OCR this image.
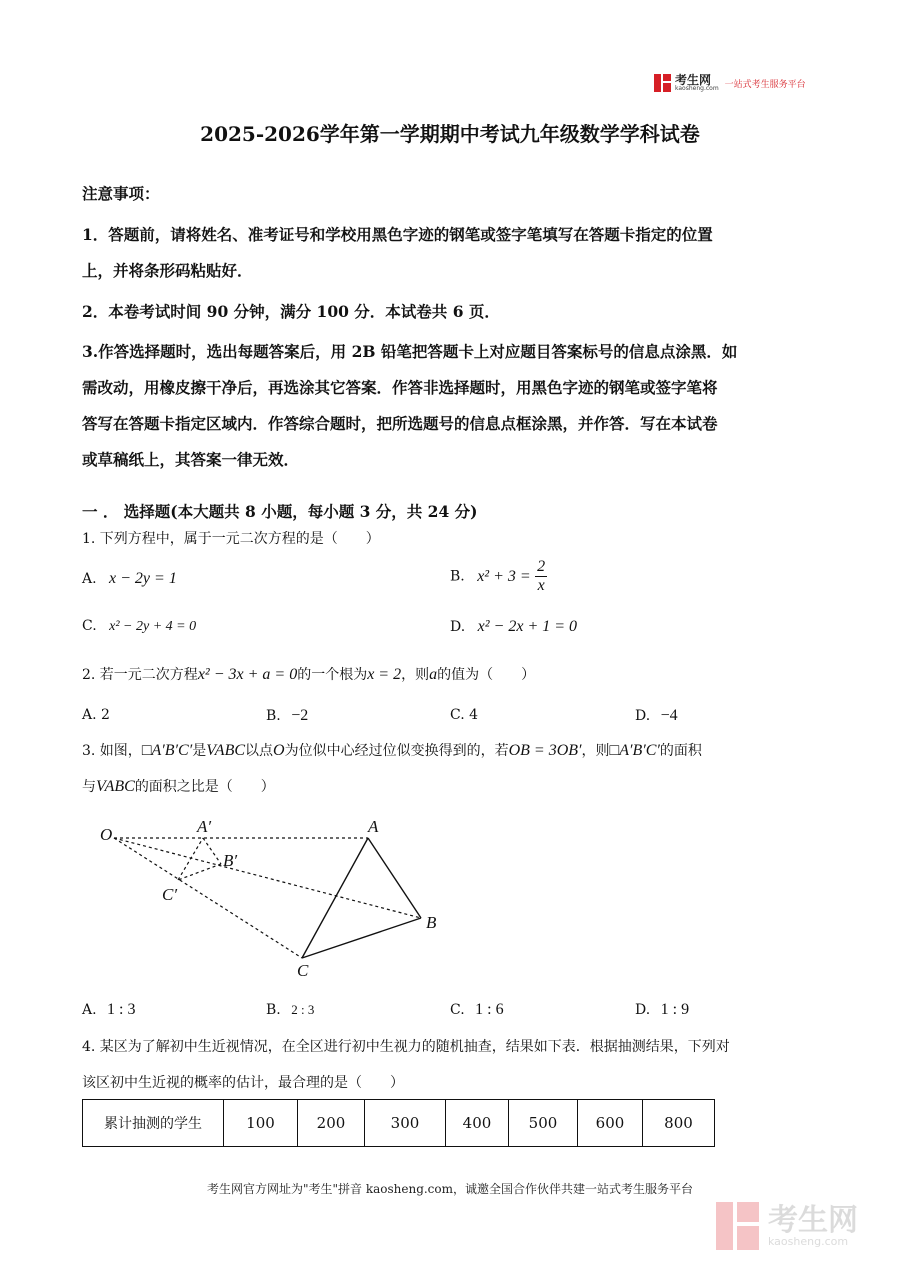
考生网
kaosheng.com 一站式考生服务平台
2025-2026学年第一学期期中考试九年级数学学科试卷
注意事项：
1．答题前，请将姓名、准考证号和学校用黑色字迹的钢笔或签字笔填写在答题卡指定的位置
上，并将条形码粘贴好．
2．本卷考试时间 90 分钟，满分 100 分．本试卷共 6 页．
3.作答选择题时，选出每题答案后，用 2B 铅笔把答题卡上对应题目答案标号的信息点涂黑．如
需改动，用橡皮擦干净后，再选涂其它答案．作答非选择题时，用黑色字迹的钢笔或签字笔将
答写在答题卡指定区域内．作答综合题时，把所选题号的信息点框涂黑，并作答．写在本试卷
或草稿纸上，其答案一律无效．
一 ． 选择题(本大题共 8 小题，每小题 3 分，共 24 分)
1. 下列方程中，属于一元二次方程的是（　　）
A. x − 2y = 1	B. $x^2 + 3 = \frac{2}{x}$
C. x² − 2y + 4 = 0	D. x² − 2x + 1 = 0
2. 若一元二次方程x² − 3x + a = 0的一个根为x = 2，则a的值为（　　）
A. 2	B. −2	C. 4	D. −4
3. 如图，□A′B′C′是VABC以点O为位似中心经过位似变换得到的，若OB = 3OB′，则□A′B′C′的面积
与VABC的面积之比是（　　）
O	A′
B′
C′
A
B
C
A. 1 : 3	B. 2 : 3	C. 1 : 6	D. 1 : 9
4. 某区为了解初中生近视情况，在全区进行初中生视力的随机抽查，结果如下表．根据抽测结果，下列对
该区初中生近视的概率的估计，最合理的是（　　）
累计抽测的学生	100	200	300	400	500	600	800
考生网官方网址为"考生"拼音 kaosheng.com，诚邀全国合作伙伴共建一站式考生服务平台
考生网
kaosheng.com
